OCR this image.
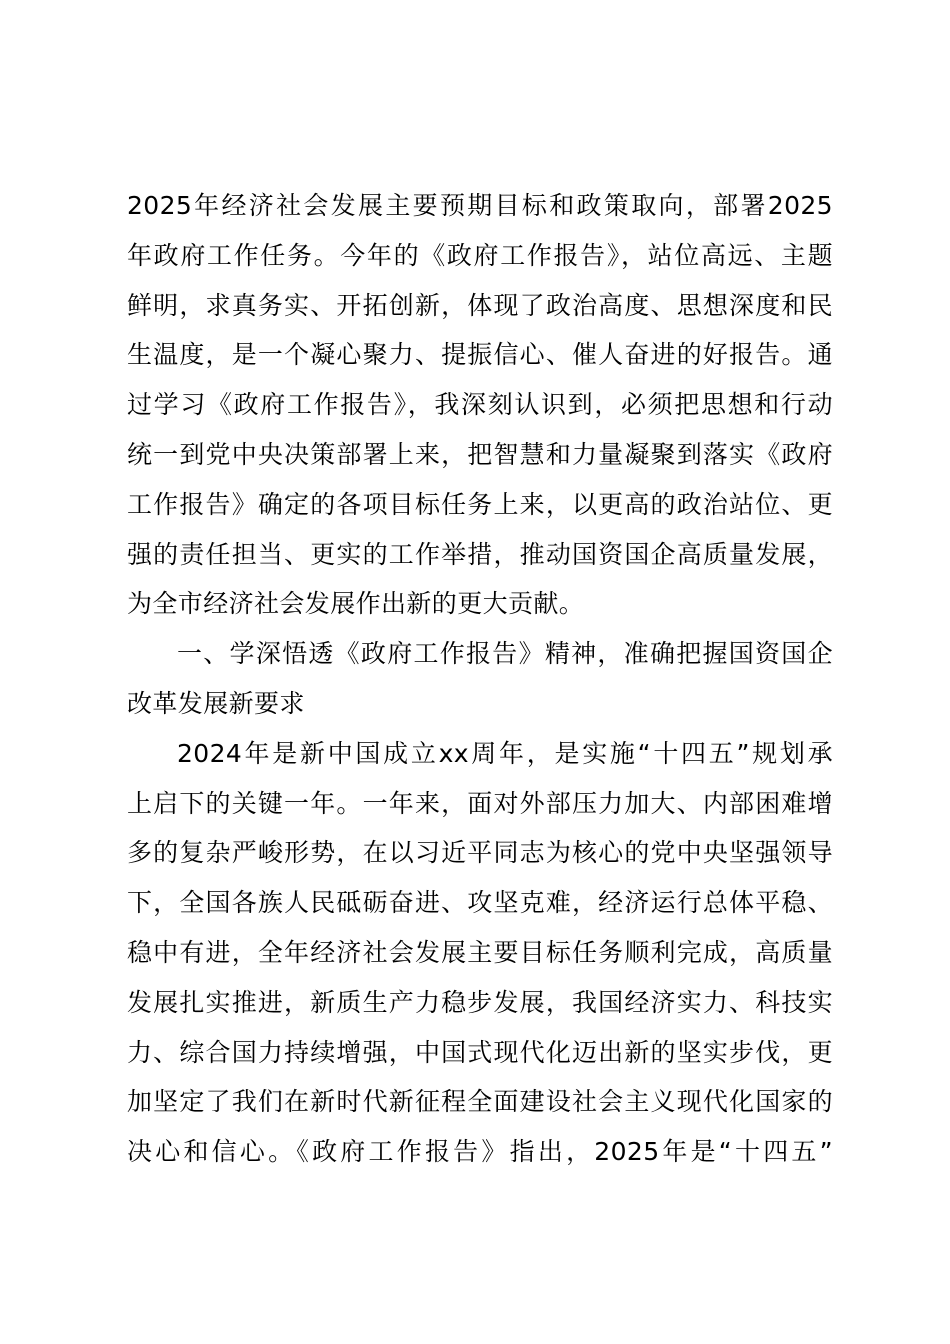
2025年经济社会发展主要预期目标和政策取向，部署2025
年政府工作任务。今年的《政府工作报告》，站位高远、主题
鲜明，求真务实、开拓创新，体现了政治高度、思想深度和民
生温度，是一个凝心聚力、提振信心、催人奋进的好报告。通
过学习《政府工作报告》，我深刻认识到，必须把思想和行动
统一到党中央决策部署上来，把智慧和力量凝聚到落实《政府
工作报告》确定的各项目标任务上来，以更高的政治站位、更
强的责任担当、更实的工作举措，推动国资国企高质量发展，
为全市经济社会发展作出新的更大贡献。
一、学深悟透《政府工作报告》精神，准确把握国资国企
改革发展新要求
2024年是新中国成立xx周年，是实施“十四五”规划承
上启下的关键一年。一年来，面对外部压力加大、内部困难增
多的复杂严峻形势，在以习近平同志为核心的党中央坚强领导
下，全国各族人民砥砺奋进、攻坚克难，经济运行总体平稳、
稳中有进，全年经济社会发展主要目标任务顺利完成，高质量
发展扎实推进，新质生产力稳步发展，我国经济实力、科技实
力、综合国力持续增强，中国式现代化迈出新的坚实步伐，更
加坚定了我们在新时代新征程全面建设社会主义现代化国家的
决心和信心。《政府工作报告》指出，2025年是“十四五”
